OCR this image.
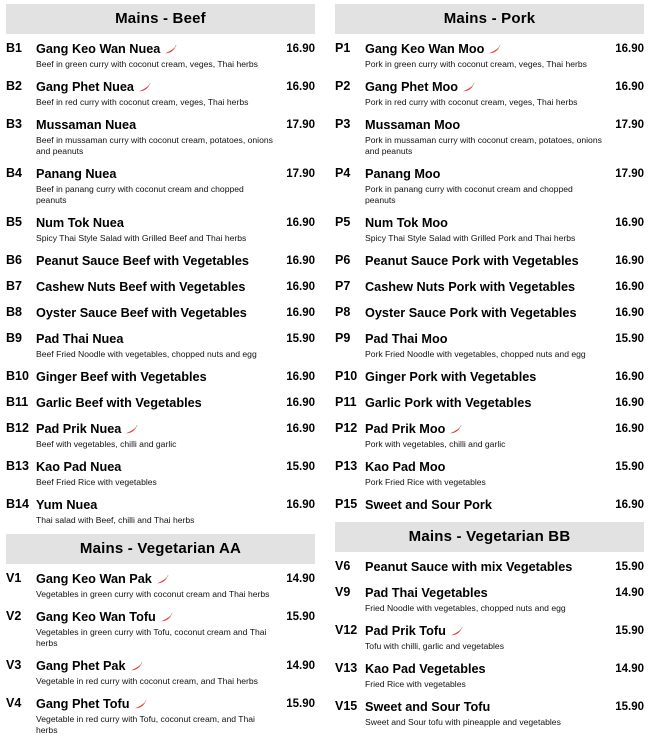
Mains - Beef
B1	Gang Keo Wan Nuea
Beef in green curry with coconut cream, veges, Thai herbs
16.90
B2	Gang Phet Nuea
Beef in red curry with coconut cream, veges, Thai herbs
16.90
B3	Mussaman Nuea
Beef in mussaman curry with coconut cream, potatoes, onions and peanuts
17.90
B4	Panang Nuea
Beef in panang curry with coconut cream and chopped peanuts
17.90
B5	Num Tok Nuea
Spicy Thai Style Salad with Grilled Beef and Thai herbs
16.90
B6	Peanut Sauce Beef with Vegetables	16.90
B7	Cashew Nuts Beef with Vegetables	16.90
B8	Oyster Sauce Beef with Vegetables	16.90
B9	Pad Thai Nuea
Beef Fried Noodle with vegetables, chopped nuts and egg
15.90
B10 Ginger Beef with Vegetables	16.90
B11 Garlic Beef with Vegetables	16.90
B12 Pad Prik Nuea
Beef with vegetables, chilli and garlic
16.90
B13 Kao Pad Nuea
Beef Fried Rice with vegetables
15.90
B14 Yum Nuea
Thai salad with Beef, chilli and Thai herbs
16.90
Mains - Vegetarian AA
V1	Gang Keo Wan Pak
Vegetables in green curry with coconut cream and Thai herbs
14.90
V2	Gang Keo Wan Tofu
Vegetables in green curry with Tofu, coconut cream and Thai herbs
15.90
V3	Gang Phet Pak
Vegetable in red curry with coconut cream, and Thai herbs
14.90
V4	Gang Phet Tofu
Vegetable in red curry with Tofu, coconut cream, and Thai herbs
15.90
Mains - Pork
P1	Gang Keo Wan Moo
Pork in green curry with coconut cream, veges, Thai herbs
16.90
P2	Gang Phet Moo
Pork in red curry with coconut cream, veges, Thai herbs
16.90
P3	Mussaman Moo
Pork in mussaman curry with coconut cream, potatoes, onions and peanuts
17.90
P4	Panang Moo
Pork in panang curry with coconut cream and chopped peanuts
17.90
P5	Num Tok Moo
Spicy Thai Style Salad with Grilled Pork and Thai herbs
16.90
P6	Peanut Sauce Pork with Vegetables	16.90
P7	Cashew Nuts Pork with Vegetables	16.90
P8	Oyster Sauce Pork with Vegetables	16.90
P9	Pad Thai Moo
Pork Fried Noodle with vegetables, chopped nuts and egg
15.90
P10 Ginger Pork with Vegetables	16.90
P11 Garlic Pork with Vegetables	16.90
P12 Pad Prik Moo
Pork with vegetables, chilli and garlic
16.90
P13 Kao Pad Moo
Pork Fried Rice with vegetables
15.90
P15 Sweet and Sour Pork	16.90
Mains - Vegetarian BB
V6	Peanut Sauce with mix Vegetables	15.90
V9	Pad Thai Vegetables
Fried Noodle with vegetables, chopped nuts and egg
14.90
V12 Pad Prik Tofu
Tofu with chilli, garlic and vegetables
15.90
V13 Kao Pad Vegetables
Fried Rice with vegetables
14.90
V15 Sweet and Sour Tofu
Sweet and Sour tofu with pineapple and vegetables
15.90
